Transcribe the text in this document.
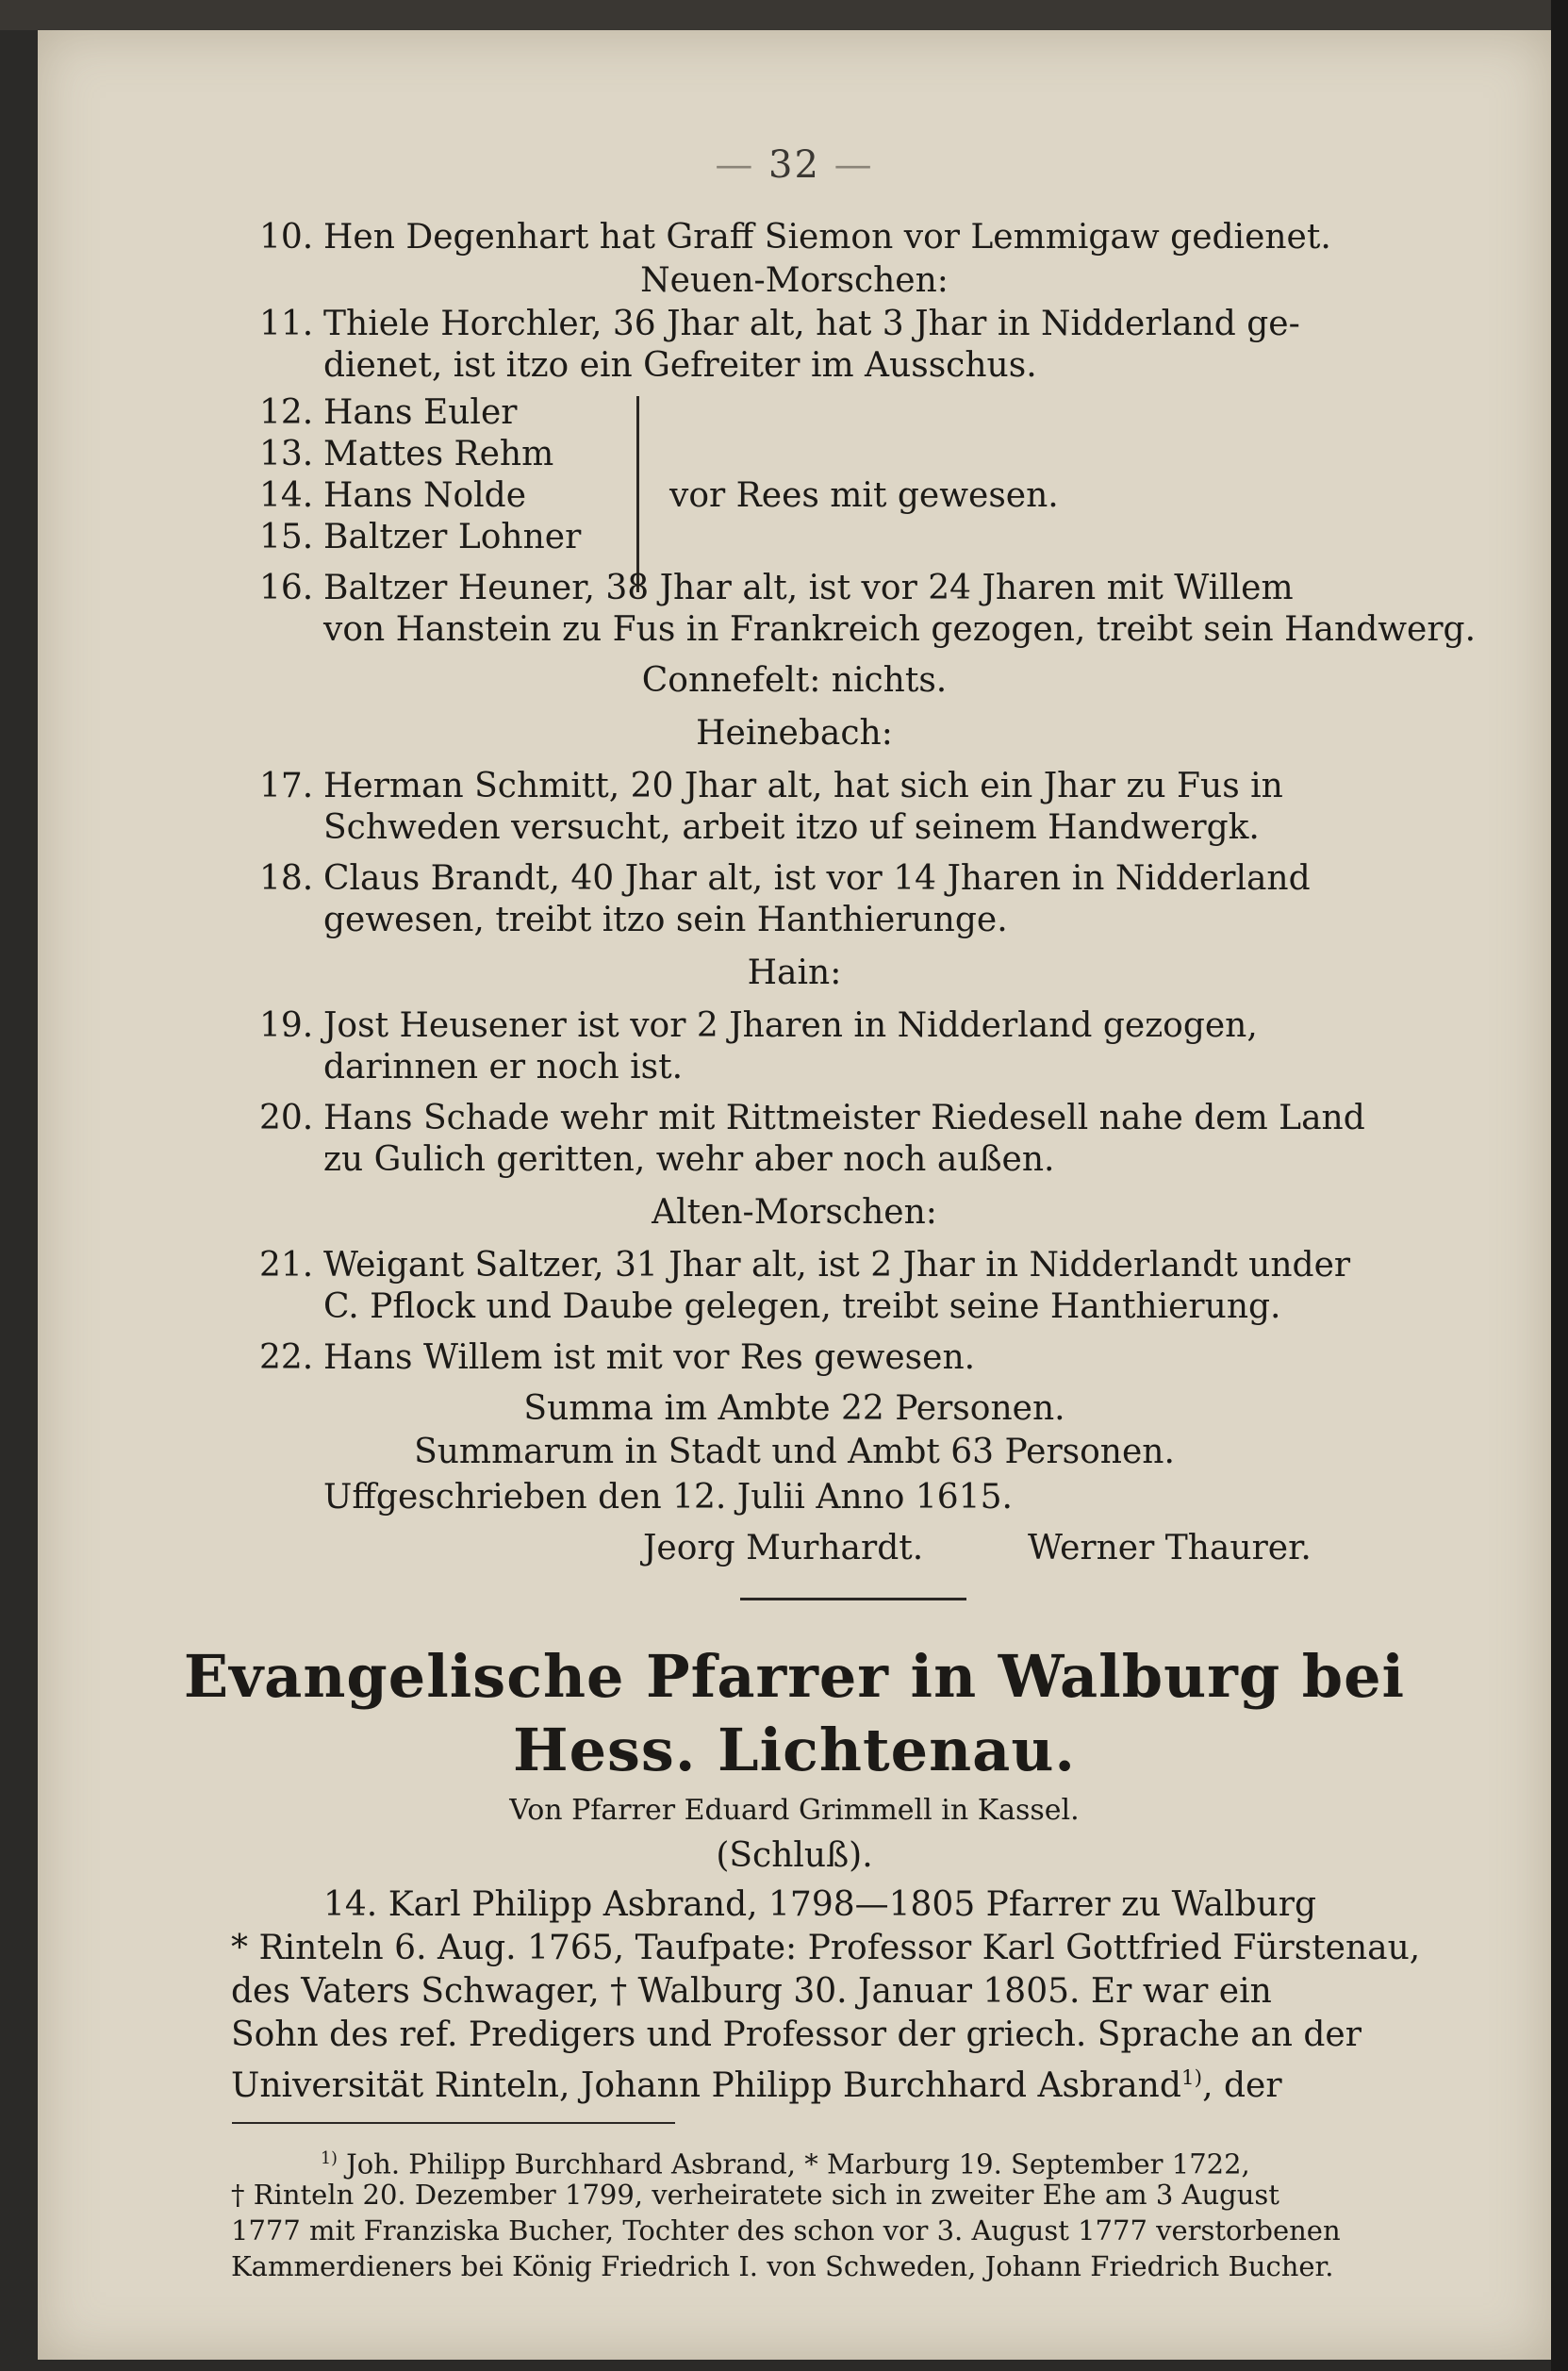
— 32 —
10. Hen Degenhart hat Graff Siemon vor Lemmigaw gedienet.
Neuen-Morschen:
11. Thiele Horchler, 36 Jhar alt, hat 3 Jhar in Nidderland ge-
dienet, ist itzo ein Gefreiter im Ausschus.
12. Hans Euler
13. Mattes Rehm
14. Hans Nolde
15. Baltzer Lohner
vor Rees mit gewesen.
16. Baltzer Heuner, 38 Jhar alt, ist vor 24 Jharen mit Willem
von Hanstein zu Fus in Frankreich gezogen, treibt sein Handwerg.
Connefelt: nichts.
Heinebach:
17. Herman Schmitt, 20 Jhar alt, hat sich ein Jhar zu Fus in
Schweden versucht, arbeit itzo uf seinem Handwergk.
18. Claus Brandt, 40 Jhar alt, ist vor 14 Jharen in Nidderland
gewesen, treibt itzo sein Hanthierunge.
Hain:
19. Jost Heusener ist vor 2 Jharen in Nidderland gezogen,
darinnen er noch ist.
20. Hans Schade wehr mit Rittmeister Riedesell nahe dem Land
zu Gulich geritten, wehr aber noch außen.
Alten-Morschen:
21. Weigant Saltzer, 31 Jhar alt, ist 2 Jhar in Nidderlandt under
C. Pflock und Daube gelegen, treibt seine Hanthierung.
22. Hans Willem ist mit vor Res gewesen.
Summa im Ambte 22 Personen.
Summarum in Stadt und Ambt 63 Personen.
Uffgeschrieben den 12. Julii Anno 1615.
Jeorg Murhardt.	Werner Thaurer.
Evangelische Pfarrer in Walburg bei
Hess. Lichtenau.
Von Pfarrer Eduard Grimmell in Kassel.
(Schluß).
14. Karl Philipp Asbrand, 1798—1805 Pfarrer zu Walburg
* Rinteln 6. Aug. 1765, Taufpate: Professor Karl Gottfried Fürstenau,
des Vaters Schwager, † Walburg 30. Januar 1805. Er war ein
Sohn des ref. Predigers und Professor der griech. Sprache an der
Universität Rinteln, Johann Philipp Burchhard Asbrand$^{1)}$, der
$^{1)}$ Joh. Philipp Burchhard Asbrand, * Marburg 19. September 1722,
† Rinteln 20. Dezember 1799, verheiratete sich in zweiter Ehe am 3 August
1777 mit Franziska Bucher, Tochter des schon vor 3. August 1777 verstorbenen
Kammerdieners bei König Friedrich I. von Schweden, Johann Friedrich Bucher.
